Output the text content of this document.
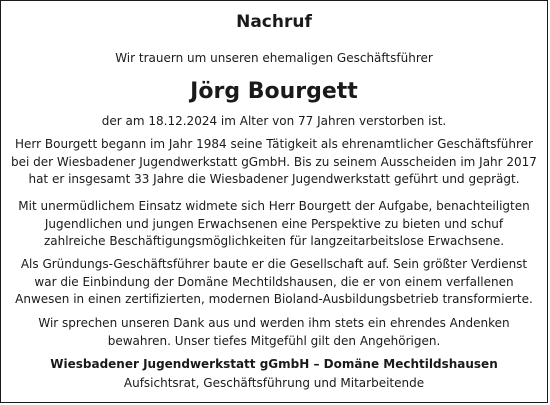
Nachruf
Wir trauern um unseren ehemaligen Geschäftsführer
Jörg Bourgett
der am 18.12.2024 im Alter von 77 Jahren verstorben ist.

Herr Bourgett begann im Jahr 1984 seine Tätigkeit als ehrenamtlicher Geschäftsführer
bei der Wiesbadener Jugendwerkstatt gGmbH. Bis zu seinem Ausscheiden im Jahr 2017
hat er insgesamt 33 Jahre die Wiesbadener Jugendwerkstatt geführt und geprägt.

Mit unermüdlichem Einsatz widmete sich Herr Bourgett der Aufgabe, benachteiligten
Jugendlichen und jungen Erwachsenen eine Perspektive zu bieten und schuf
zahlreiche Beschäftigungsmöglichkeiten für langzeitarbeitslose Erwachsene.

Als Gründungs-Geschäftsführer baute er die Gesellschaft auf. Sein größter Verdienst
war die Einbindung der Domäne Mechtildshausen, die er von einem verfallenen
Anwesen in einen zertifizierten, modernen Bioland-Ausbildungsbetrieb transformierte.

Wir sprechen unseren Dank aus und werden ihm stets ein ehrendes Andenken
bewahren. Unser tiefes Mitgefühl gilt den Angehörigen.

Wiesbadener Jugendwerkstatt gGmbH – Domäne Mechtildshausen
Aufsichtsrat, Geschäftsführung und Mitarbeitende
